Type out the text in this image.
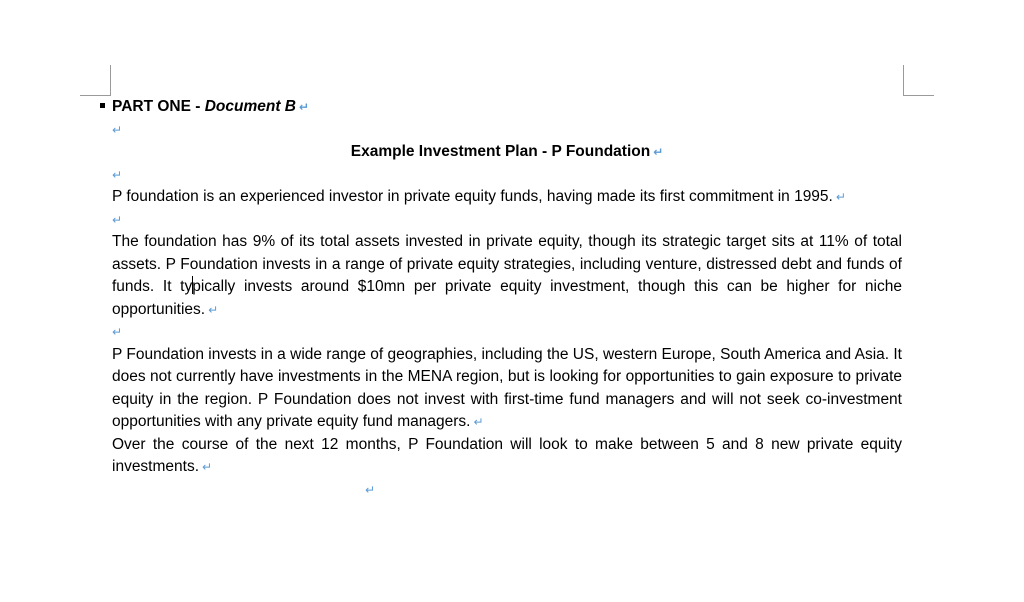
PART ONE - Document B ↵
↵
Example Investment Plan - P Foundation ↵
↵

P foundation is an experienced investor in private equity funds, having made its first commitment in 1995. ↵

↵

The foundation has 9% of its total assets invested in private equity, though its strategic target sits at 11% of total assets. P Foundation invests in a range of private equity strategies, including venture, distressed debt and funds of funds. It typically invests around $10mn per private equity investment, though this can be higher for niche opportunities. ↵

↵

P Foundation invests in a wide range of geographies, including the US, western Europe, South America and Asia. It does not currently have investments in the MENA region, but is looking for opportunities to gain exposure to private equity in the region. P Foundation does not invest with first-time fund managers and will not seek co-investment opportunities with any private equity fund managers. ↵

Over the course of the next 12 months, P Foundation will look to make between 5 and 8 new private equity investments. ↵

↵
